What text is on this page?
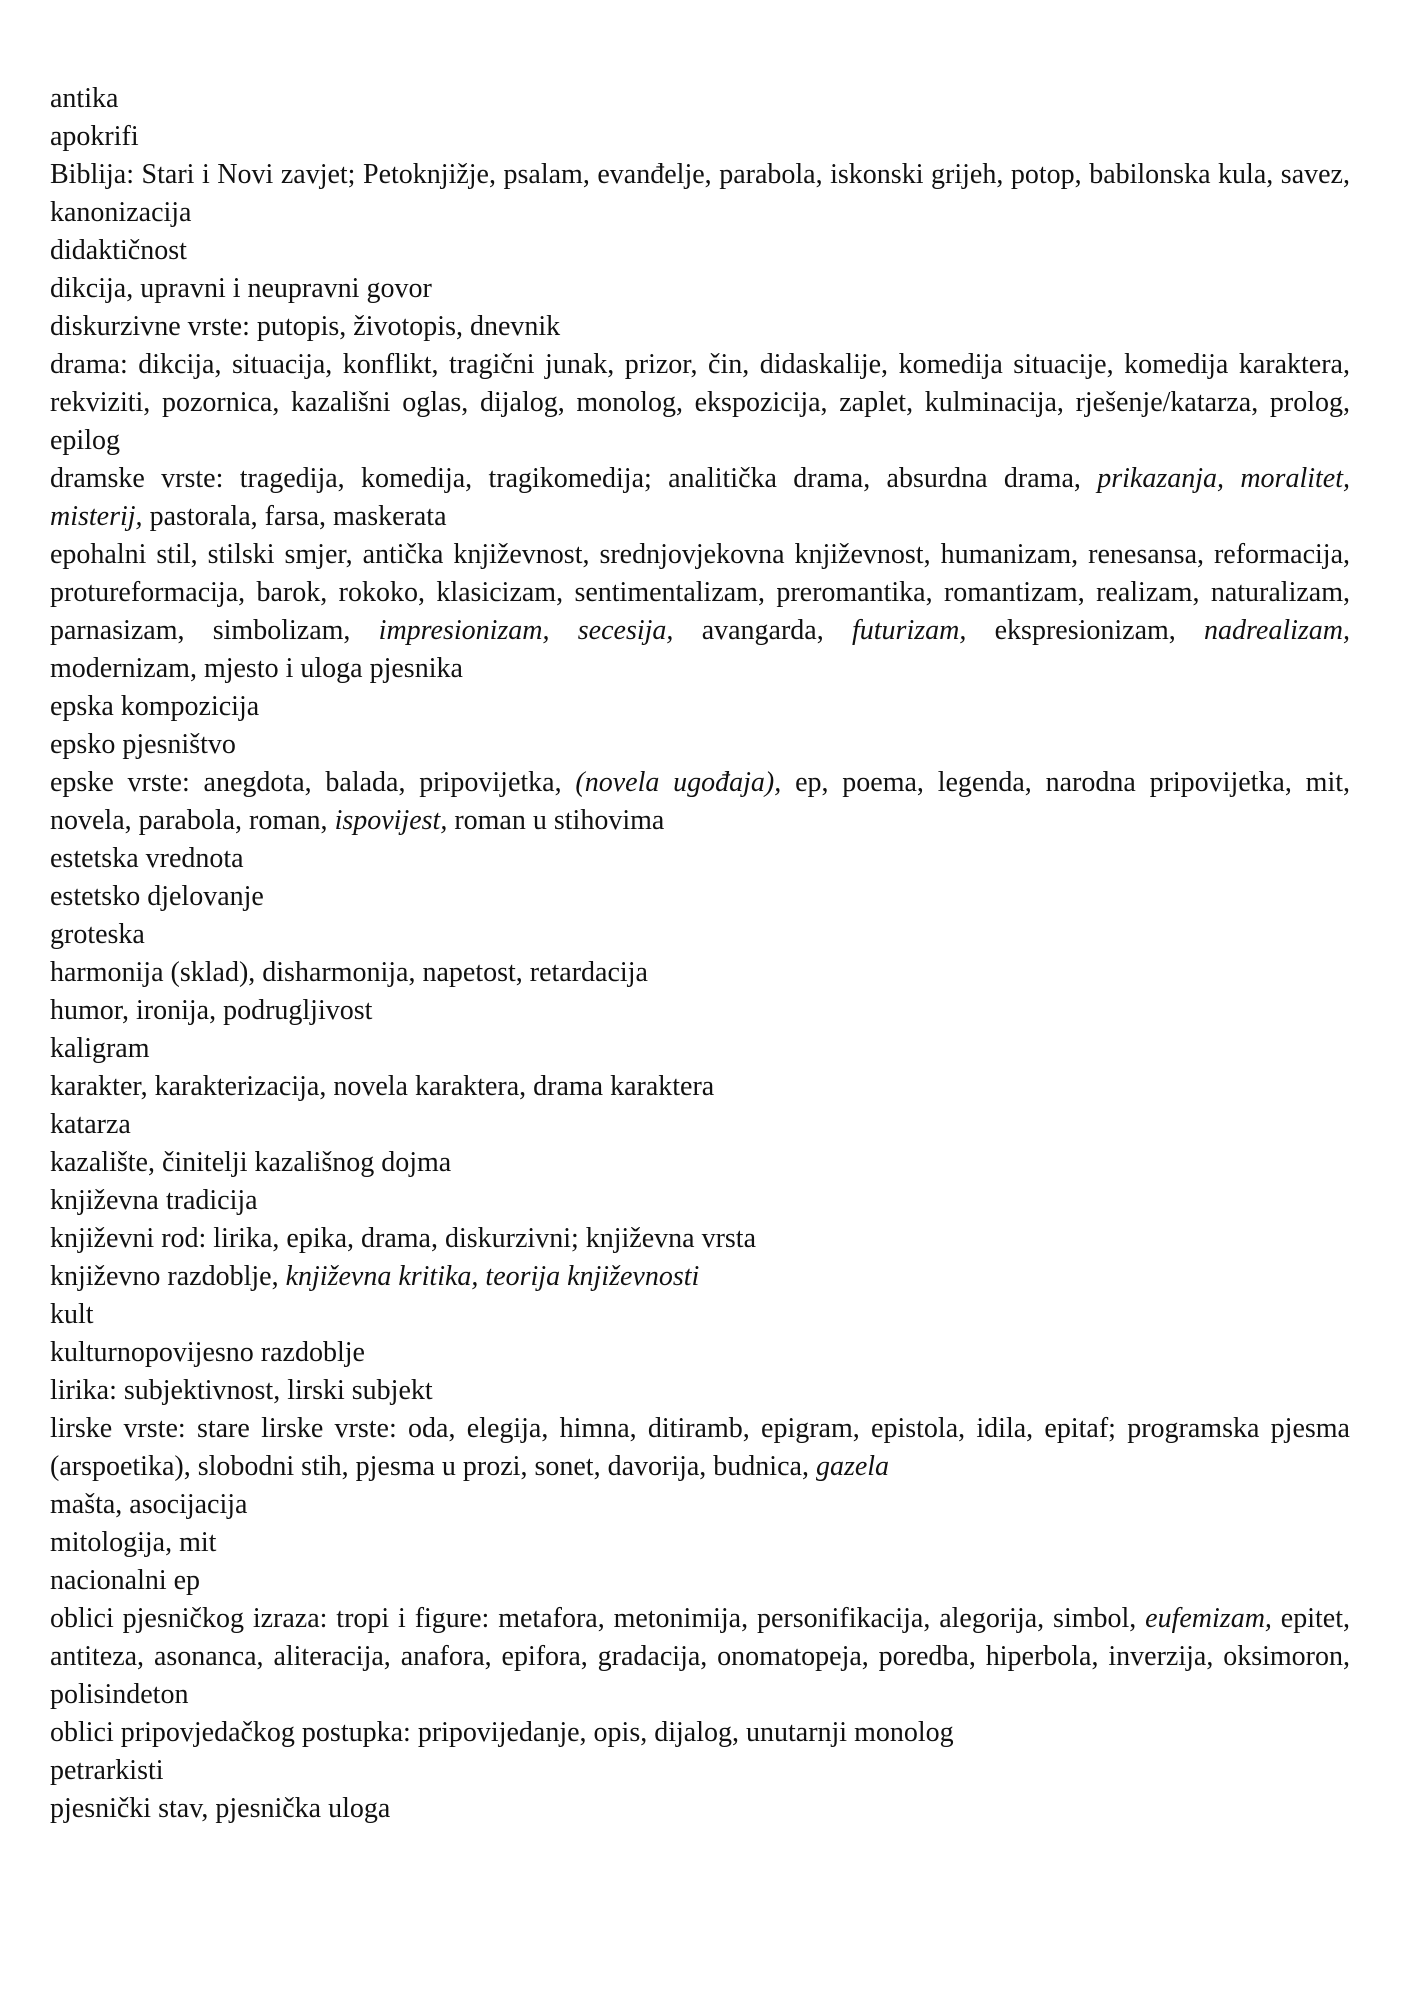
antika

apokrifi

Biblija: Stari i Novi zavjet; Petoknjižje, psalam, evanđelje, parabola, iskonski grijeh, potop, babilonska kula, savez, kanonizacija

didaktičnost

dikcija, upravni i neupravni govor

diskurzivne vrste: putopis, životopis, dnevnik

drama: dikcija, situacija, konflikt, tragični junak, prizor, čin, didaskalije, komedija situacije, komedija karaktera, rekviziti, pozornica, kazališni oglas, dijalog, monolog, ekspozicija, zaplet, kulminacija, rješenje/katarza, prolog, epilog

dramske vrste: tragedija, komedija, tragikomedija; analitička drama, absurdna drama, prikazanja, moralitet, misterij, pastorala, farsa, maskerata

epohalni stil, stilski smjer, antička književnost, srednjovjekovna književnost, humanizam, renesansa, reformacija, protureformacija, barok, rokoko, klasicizam, sentimentalizam, preromantika, romantizam, realizam, naturalizam, parnasizam, simbolizam, impresionizam, secesija, avangarda, futurizam, ekspresionizam, nadrealizam, modernizam, mjesto i uloga pjesnika

epska kompozicija

epsko pjesništvo

epske vrste: anegdota, balada, pripovijetka, (novela ugođaja), ep, poema, legenda, narodna pripovijetka, mit, novela, parabola, roman, ispovijest, roman u stihovima

estetska vrednota

estetsko djelovanje

groteska

harmonija (sklad), disharmonija, napetost, retardacija

humor, ironija, podrugljivost

kaligram

karakter, karakterizacija, novela karaktera, drama karaktera

katarza

kazalište, činitelji kazališnog dojma

književna tradicija

književni rod: lirika, epika, drama, diskurzivni; književna vrsta

književno razdoblje, književna kritika, teorija književnosti

kult

kulturnopovijesno razdoblje

lirika: subjektivnost, lirski subjekt

lirske vrste: stare lirske vrste: oda, elegija, himna, ditiramb, epigram, epistola, idila, epitaf; programska pjesma (arspoetika), slobodni stih, pjesma u prozi, sonet, davorija, budnica, gazela

mašta, asocijacija

mitologija, mit

nacionalni ep

oblici pjesničkog izraza: tropi i figure: metafora, metonimija, personifikacija, alegorija, simbol, eufemizam, epitet, antiteza, asonanca, aliteracija, anafora, epifora, gradacija, onomatopeja, poredba, hiperbola, inverzija, oksimoron, polisindeton

oblici pripovjedačkog postupka: pripovijedanje, opis, dijalog, unutarnji monolog

petrarkisti

pjesnički stav, pjesnička uloga
